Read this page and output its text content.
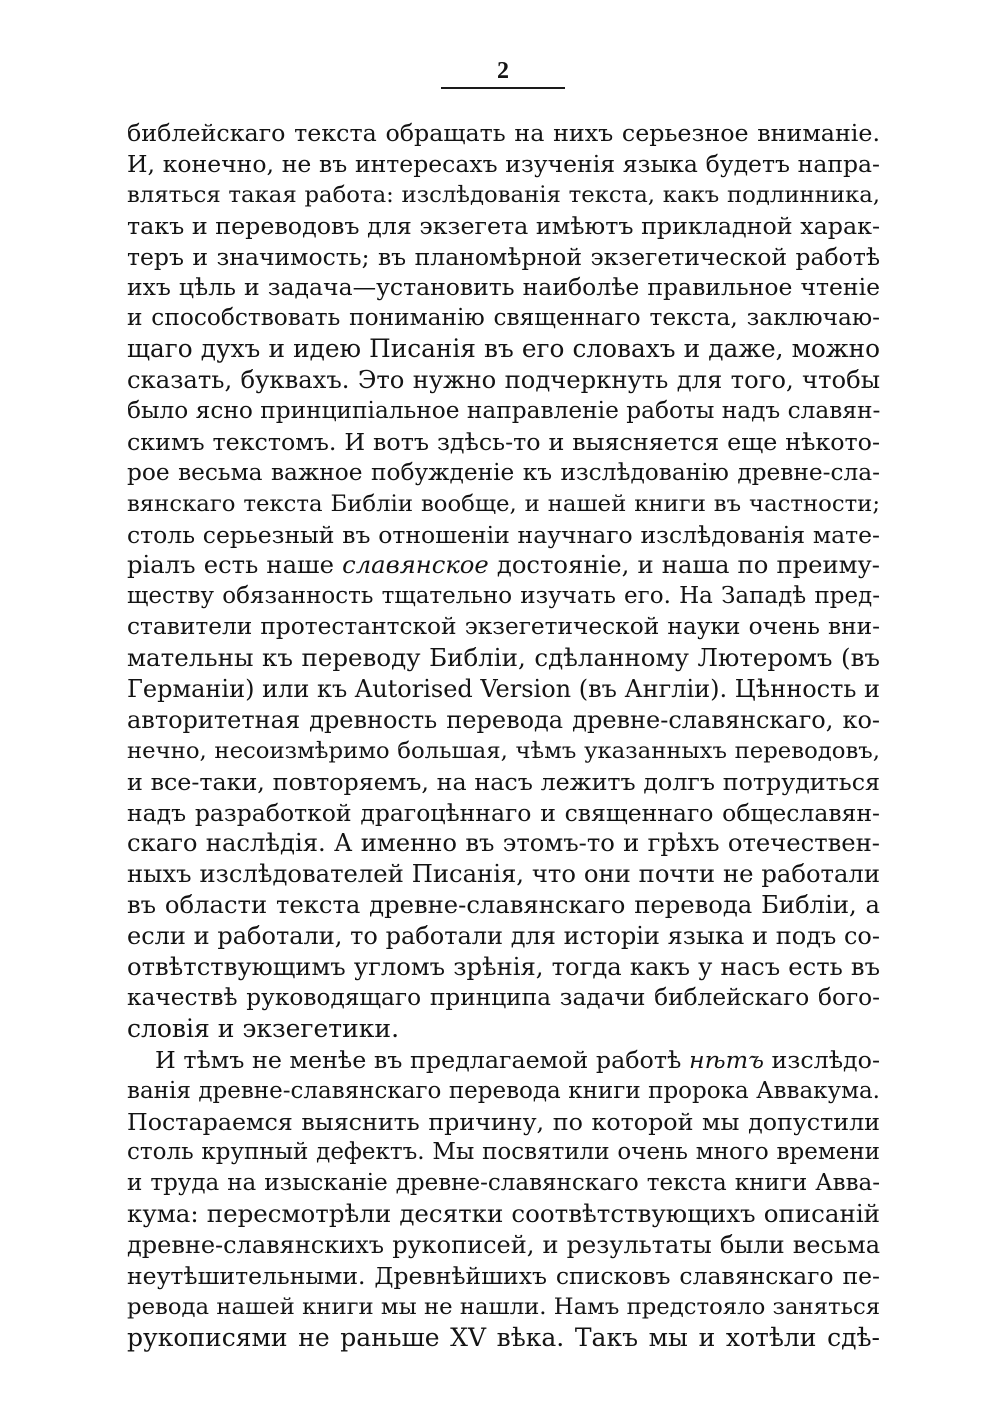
2
библейскаго текста обращать на нихъ серьезное вниманіе.
И, конечно, не въ интересахъ изученія языка будетъ напра-
вляться такая работа: изслѣдованія текста, какъ подлинника,
такъ и переводовъ для экзегета имѣютъ прикладной харак-
теръ и значимость; въ планомѣрной экзегетической работѣ
ихъ цѣль и задача—установить наиболѣе правильное чтеніе
и способствовать пониманію священнаго текста, заключаю-
щаго духъ и идею Писанія въ его словахъ и даже, можно
сказать, буквахъ. Это нужно подчеркнуть для того, чтобы
было ясно принципіальное направленіе работы надъ славян-
скимъ текстомъ. И вотъ здѣсь-то и выясняется еще нѣкото-
рое весьма важное побужденіе къ изслѣдованію древне-сла-
вянскаго текста Библіи вообще, и нашей книги въ частности;
столь серьезный въ отношеніи научнаго изслѣдованія мате-
ріалъ есть наше славянское достояніе, и наша по преиму-
ществу обязанность тщательно изучать его. На Западѣ пред-
ставители протестантской экзегетической науки очень вни-
мательны къ переводу Библіи, сдѣланному Лютеромъ (въ
Германіи) или къ Autorised Version (въ Англіи). Цѣнность и
авторитетная древность перевода древне-славянскаго, ко-
нечно, несоизмѣримо большая, чѣмъ указанныхъ переводовъ,
и все-таки, повторяемъ, на насъ лежитъ долгъ потрудиться
надъ разработкой драгоцѣннаго и священнаго общеславян-
скаго наслѣдія. А именно въ этомъ-то и грѣхъ отечествен-
ныхъ изслѣдователей Писанія, что они почти не работали
въ области текста древне-славянскаго перевода Библіи, а
если и работали, то работали для исторіи языка и подъ со-
отвѣтствующимъ угломъ зрѣнія, тогда какъ у насъ есть въ
качествѣ руководящаго принципа задачи библейскаго бого-
словія и экзегетики.
И тѣмъ не менѣе въ предлагаемой работѣ нѣтъ изслѣдо-
ванія древне-славянскаго перевода книги пророка Аввакума.
Постараемся выяснить причину, по которой мы допустили
столь крупный дефектъ. Мы посвятили очень много времени
и труда на изысканіе древне-славянскаго текста книги Авва-
кума: пересмотрѣли десятки соотвѣтствующихъ описаній
древне-славянскихъ рукописей, и результаты были весьма
неутѣшительными. Древнѣйшихъ списковъ славянскаго пе-
ревода нашей книги мы не нашли. Намъ предстояло заняться
рукописями не раньше XV вѣка. Такъ мы и хотѣли сдѣ-
